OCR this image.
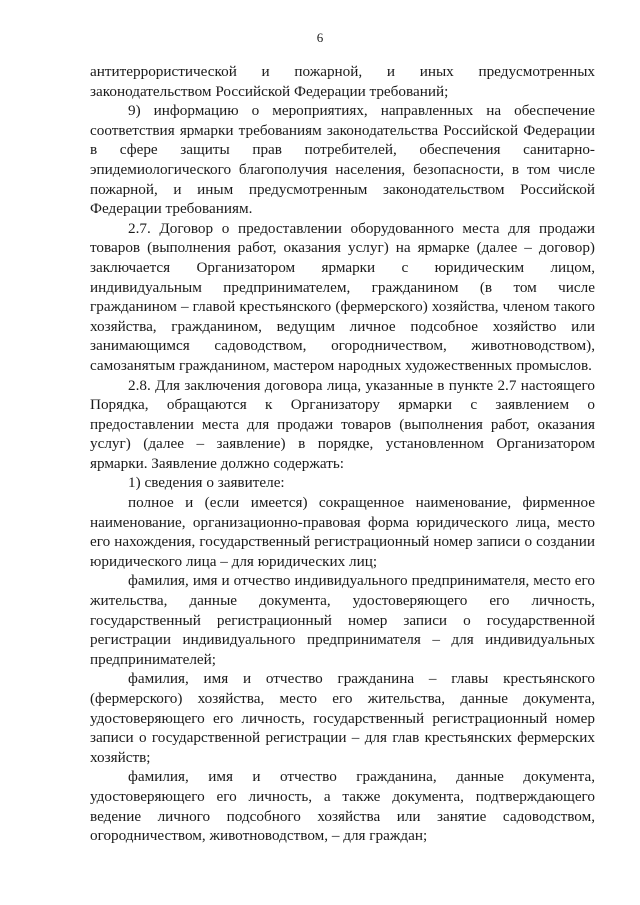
6

антитеррористической и пожарной, и иных предусмотренных законодательством Российской Федерации требований;

9) информацию о мероприятиях, направленных на обеспечение соответствия ярмарки требованиям законодательства Российской Федерации в сфере защиты прав потребителей, обеспечения санитарно-эпидемиологического благополучия населения, безопасности, в том числе пожарной, и иным предусмотренным законодательством Российской Федерации требованиям.

2.7. Договор о предоставлении оборудованного места для продажи товаров (выполнения работ, оказания услуг) на ярмарке (далее – договор) заключается Организатором ярмарки с юридическим лицом, индивидуальным предпринимателем, гражданином (в том числе гражданином – главой крестьянского (фермерского) хозяйства, членом такого хозяйства, гражданином, ведущим личное подсобное хозяйство или занимающимся садоводством, огородничеством, животноводством), самозанятым гражданином, мастером народных художественных промыслов.

2.8. Для заключения договора лица, указанные в пункте 2.7 настоящего Порядка, обращаются к Организатору ярмарки с заявлением о предоставлении места для продажи товаров (выполнения работ, оказания услуг) (далее – заявление) в порядке, установленном Организатором ярмарки. Заявление должно содержать:

1) сведения о заявителе:

полное и (если имеется) сокращенное наименование, фирменное наименование, организационно-правовая форма юридического лица, место его нахождения, государственный регистрационный номер записи о создании юридического лица – для юридических лиц;

фамилия, имя и отчество индивидуального предпринимателя, место его жительства, данные документа, удостоверяющего его личность, государственный регистрационный номер записи о государственной регистрации индивидуального предпринимателя – для индивидуальных предпринимателей;

фамилия, имя и отчество гражданина – главы крестьянского (фермерского) хозяйства, место его жительства, данные документа, удостоверяющего его личность, государственный регистрационный номер записи о государственной регистрации – для глав крестьянских фермерских хозяйств;

фамилия, имя и отчество гражданина, данные документа, удостоверяющего его личность, а также документа, подтверждающего ведение личного подсобного хозяйства или занятие садоводством, огородничеством, животноводством, – для граждан;
